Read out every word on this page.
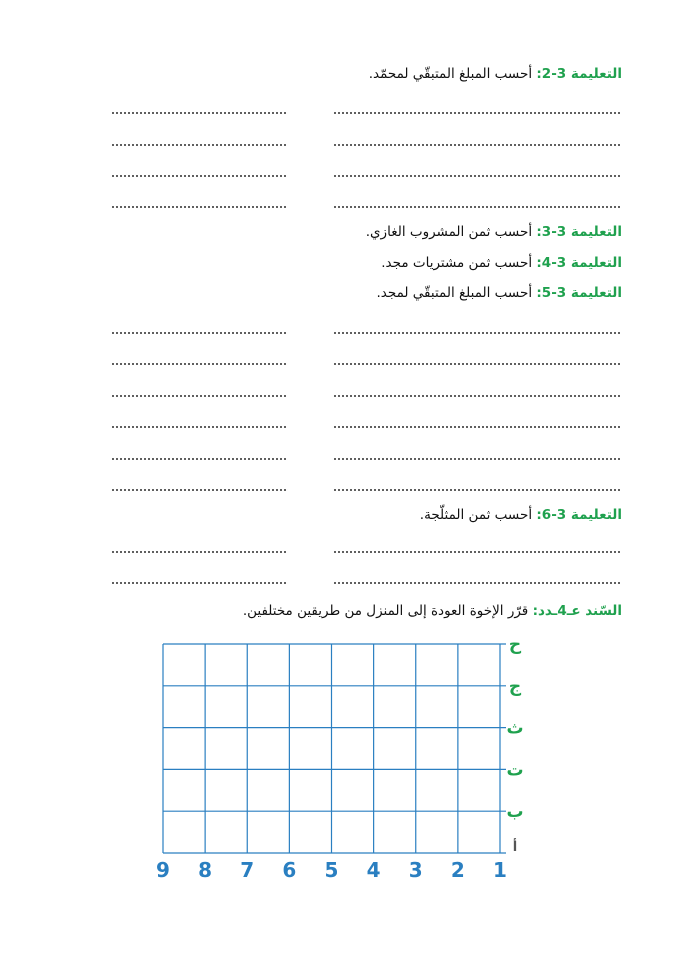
التعليمة 3-2: أحسب المبلغ المتبقّي لمحمّد.
التعليمة 3-3: أحسب ثمن المشروب الغازي.
التعليمة 3-4: أحسب ثمن مشتريات مجد.
التعليمة 3-5: أحسب المبلغ المتبقّي لمجد.
التعليمة 3-6: أحسب ثمن المثلّجة.
السّند عـ4ـدد: قرّر الإخوة العودة إلى المنزل من طريقين مختلفين.
1
2
3
4
5
6
7
8
9
أ
ب
ت
ث
ج
ح
